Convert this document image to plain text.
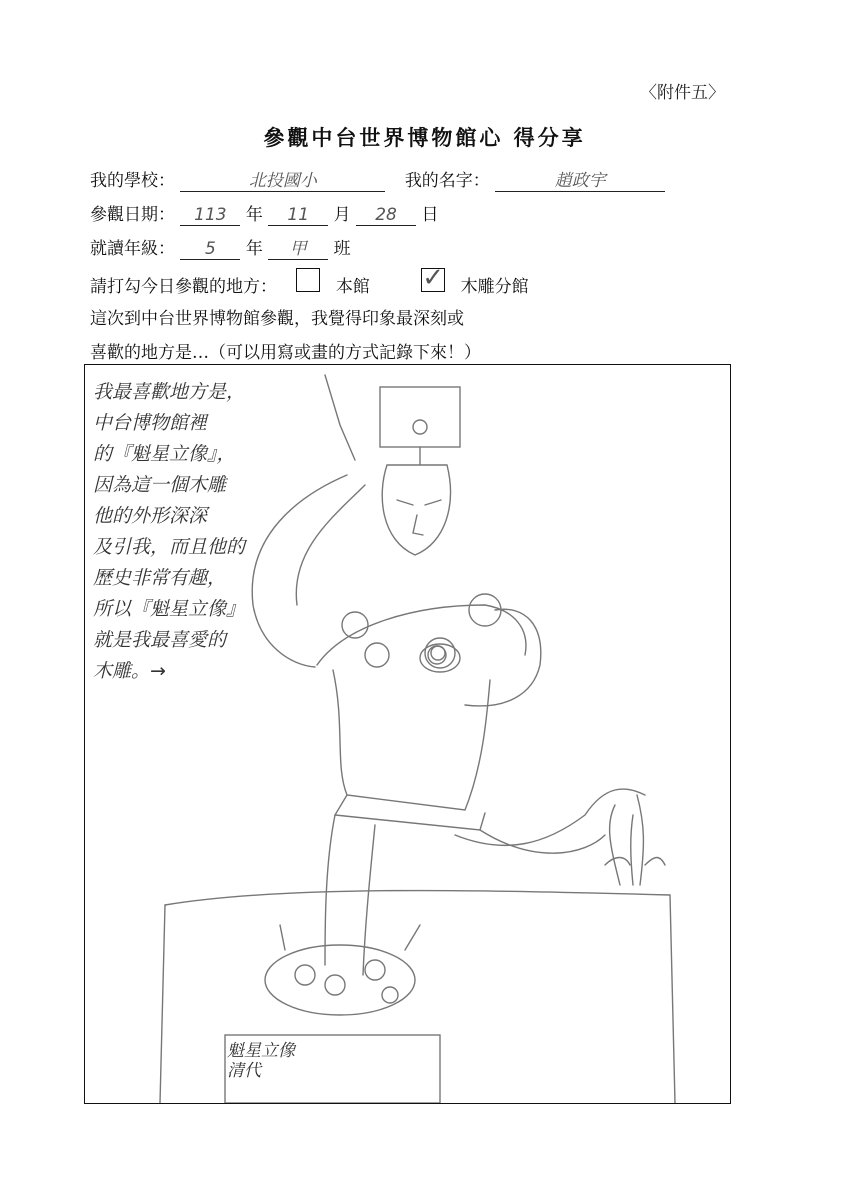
〈附件五〉
參觀中台世界博物館心 得分享
我的學校：	北投國小	我的名字：	趙政宇
參觀日期： 113 年 11 月 28 日
就讀年級： 5 年 甲 班
請打勾今日參觀的地方：	本館 ✓ 木雕分館
這次到中台世界博物館參觀，我覺得印象最深刻或
喜歡的地方是…（可以用寫或畫的方式記錄下來！）
我最喜歡地方是，
中台博物館裡
的『魁星立像』，
因為這一個木雕
他的外形深深
及引我，而且他的
歷史非常有趣，
所以『魁星立像』
就是我最喜愛的
木雕。→
魁星立像
清代
